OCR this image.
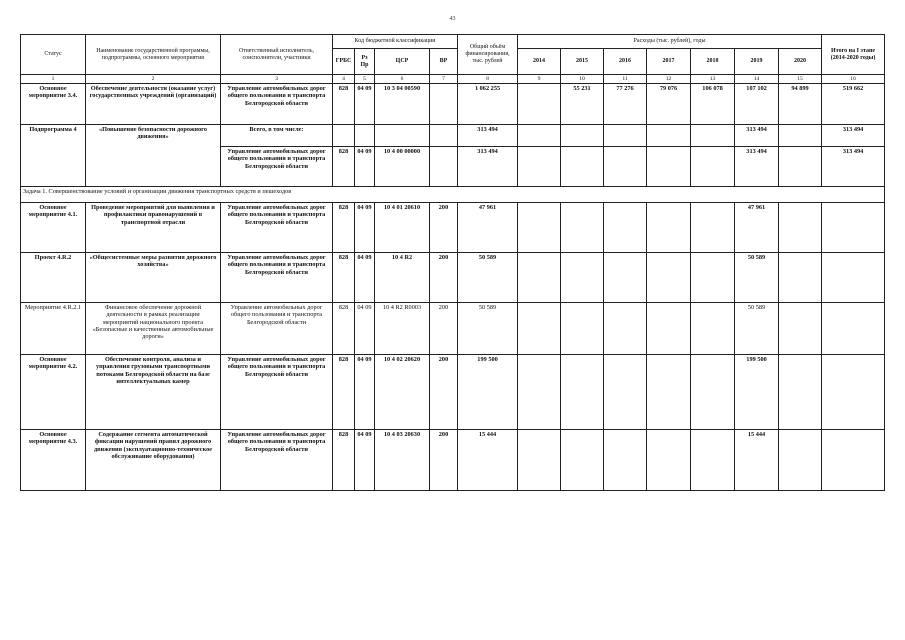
43
Статус	Наименование государственной программы, подпрограммы, основного мероприятия	Ответственный исполнитель, соисполнители, участники	Код бюджетной классификации				Общий объём финансирования, тыс. рублей	Расходы (тыс. рублей), годы							Итого на I этапе (2014-2020 годы)
			ГРБС	Рз Пр	ЦСР	ВР		2014	2015	2016	2017	2018	2019	2020	
1	2	3	4	5	6	7	8	9	10	11	12	13	14	15	16
Основное мероприятие 3.4.	Обеспечение деятельности (оказание услуг) государственных учреждений (организаций)	Управление автомобильных дорог общего пользования и транспорта Белгородской области	828	04 09	10 3 04 00590		1 062 255		55 231	77 276	79 076	106 078	107 102	94 899	519 662
Подпрограмма 4	«Повышение безопасности дорожного движения»	Всего, в том числе:					313 494						313 494		313 494
		Управление автомобильных дорог общего пользования и транспорта Белгородской области	828	04 09	10 4 00 00000		313 494						313 494		313 494
Задача 1. Совершенствование условий и организации движения транспортных средств и пешеходов															
Основное мероприятие 4.1.	Проведение мероприятий для выявления и профилактики правонарушений в транспортной отрасли	Управление автомобильных дорог общего пользования и транспорта Белгородской области	828	04 09	10 4 01 20610	200	47 961						47 961		
Проект 4.R.2	«Общесистемные меры развития дорожного хозяйства»	Управление автомобильных дорог общего пользования и транспорта Белгородской области	828	04 09	10 4 R2	200	50 589						50 589		
Мероприятие 4.R.2.1	Финансовое обеспечение дорожной деятельности в рамках реализации мероприятий национального проекта «Безопасные и качественные автомобильные дороги»	Управление автомобильных дорог общего пользования и транспорта Белгородской области	828	04 09	10 4 R2 R0003	200	50 589						50 589		
Основное мероприятие 4.2.	Обеспечение контроля, анализа и управления грузовыми транспортными потоками Белгородской области на базе интеллектуальных камер	Управление автомобильных дорог общего пользования и транспорта Белгородской области	828	04 09	10 4 02 20620	200	199 500						199 500		
Основное мероприятие 4.3.	Содержание сегмента автоматической фиксации нарушений правил дорожного движения (эксплуатационно-техническое обслуживание оборудования)	Управление автомобильных дорог общего пользования и транспорта Белгородской области	828	04 09	10 4 03 20630	200	15 444						15 444		
